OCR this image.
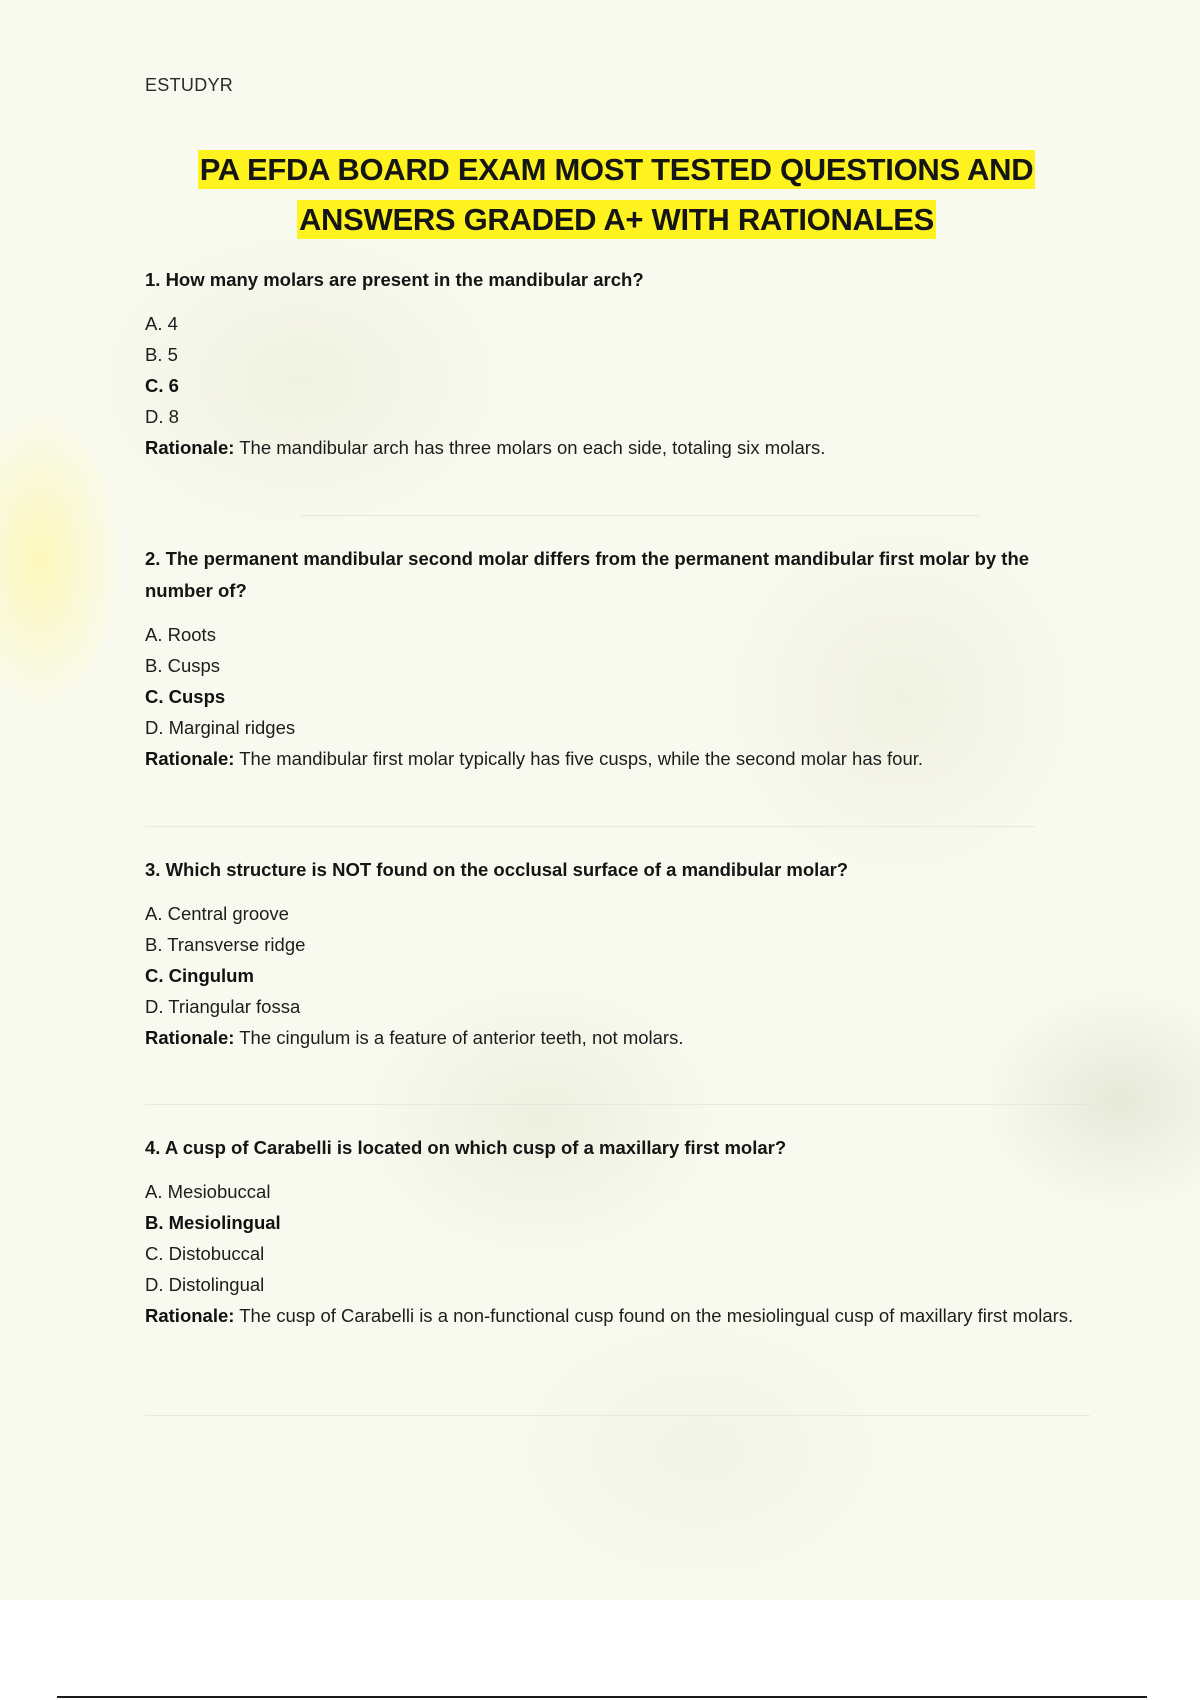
ESTUDYR
PA EFDA BOARD EXAM MOST TESTED QUESTIONS AND
ANSWERS GRADED A+ WITH RATIONALES

1. How many molars are present in the mandibular arch?

A. 4

B. 5

C. 6

D. 8

Rationale: The mandibular arch has three molars on each side, totaling six molars.

2. The permanent mandibular second molar differs from the permanent mandibular first molar by the number of?

A. Roots

B. Cusps

C. Cusps

D. Marginal ridges

Rationale: The mandibular first molar typically has five cusps, while the second molar has four.

3. Which structure is NOT found on the occlusal surface of a mandibular molar?

A. Central groove

B. Transverse ridge

C. Cingulum

D. Triangular fossa

Rationale: The cingulum is a feature of anterior teeth, not molars.

4. A cusp of Carabelli is located on which cusp of a maxillary first molar?

A. Mesiobuccal

B. Mesiolingual

C. Distobuccal

D. Distolingual

Rationale: The cusp of Carabelli is a non-functional cusp found on the mesiolingual cusp of maxillary first molars.
